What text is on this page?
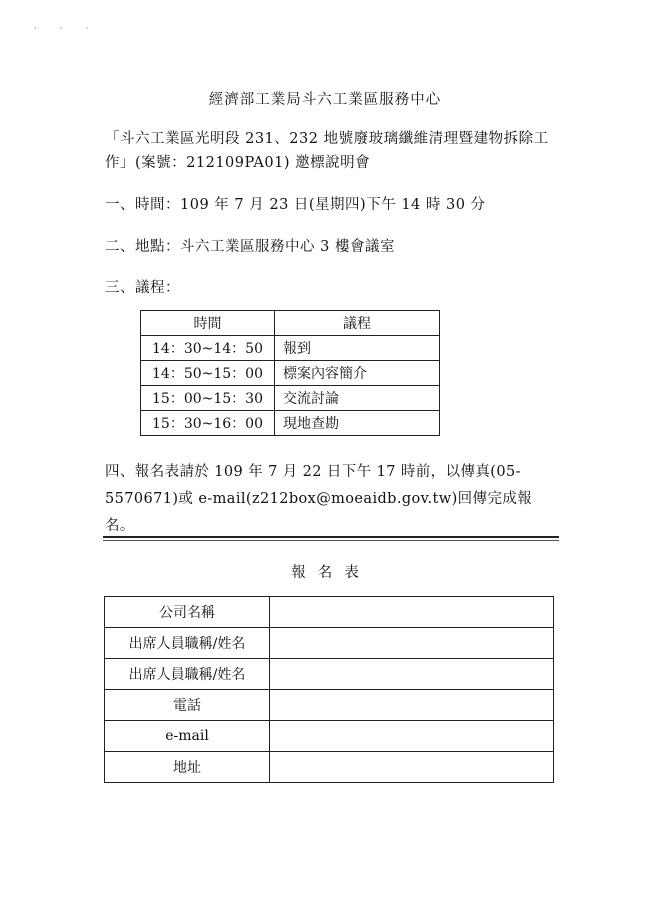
· · ·
經濟部工業局斗六工業區服務中心
「斗六工業區光明段 231、232 地號廢玻璃纖維清理暨建物拆除工作」(案號：212109PA01) 邀標說明會
一、時間：109 年 7 月 23 日(星期四)下午 14 時 30 分
二、地點：斗六工業區服務中心 3 樓會議室
三、議程：
時間	議程
14：30~14：50	報到
14：50~15：00	標案內容簡介
15：00~15：30	交流討論
15：30~16：00	現地查勘
四、報名表請於 109 年 7 月 22 日下午 17 時前，以傳真(05-5570671)或 e-mail(z212box@moeaidb.gov.tw)回傳完成報名。
報名表
公司名稱	
出席人員職稱/姓名	
出席人員職稱/姓名	
電話	
e-mail	
地址	
